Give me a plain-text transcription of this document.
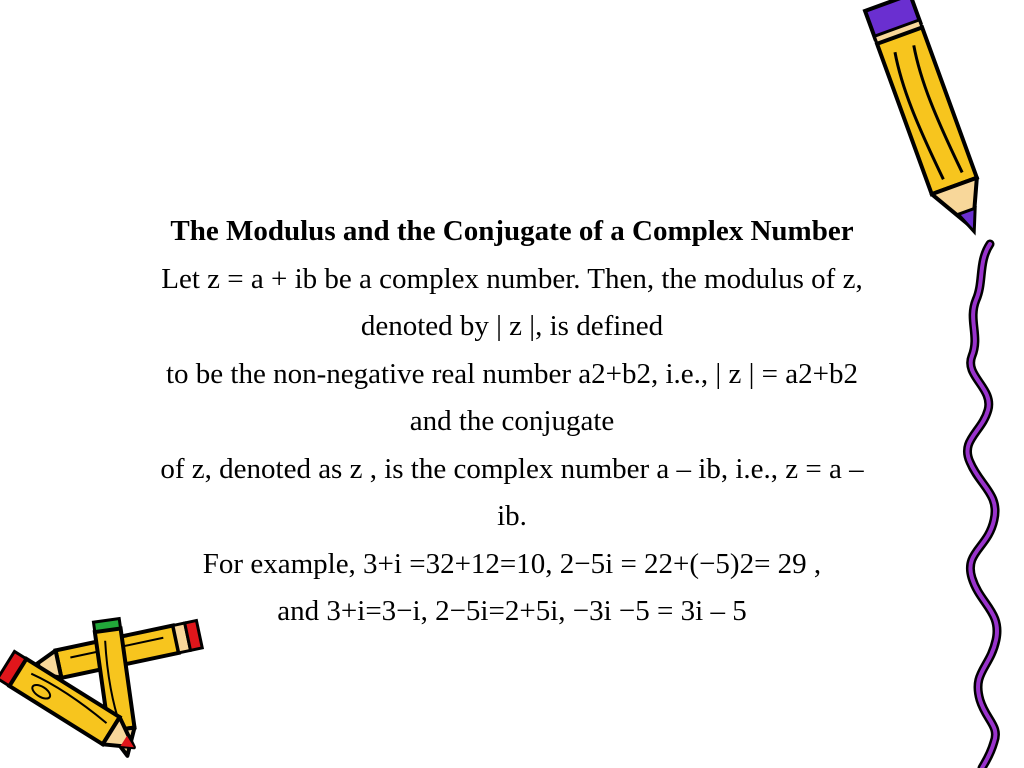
The Modulus and the Conjugate of a Complex Number
Let z = a + ib be a complex number. Then, the modulus of z,
denoted by | z |, is defined
to be the non-negative real number a2+b2, i.e., | z | = a2+b2
and the conjugate
of z, denoted as z , is the complex number a – ib, i.e., z = a –
ib.
For example, 3+i =32+12=10, 2−5i = 22+(−5)2= 29 ,
and 3+i=3−i, 2−5i=2+5i, −3i −5 = 3i – 5
